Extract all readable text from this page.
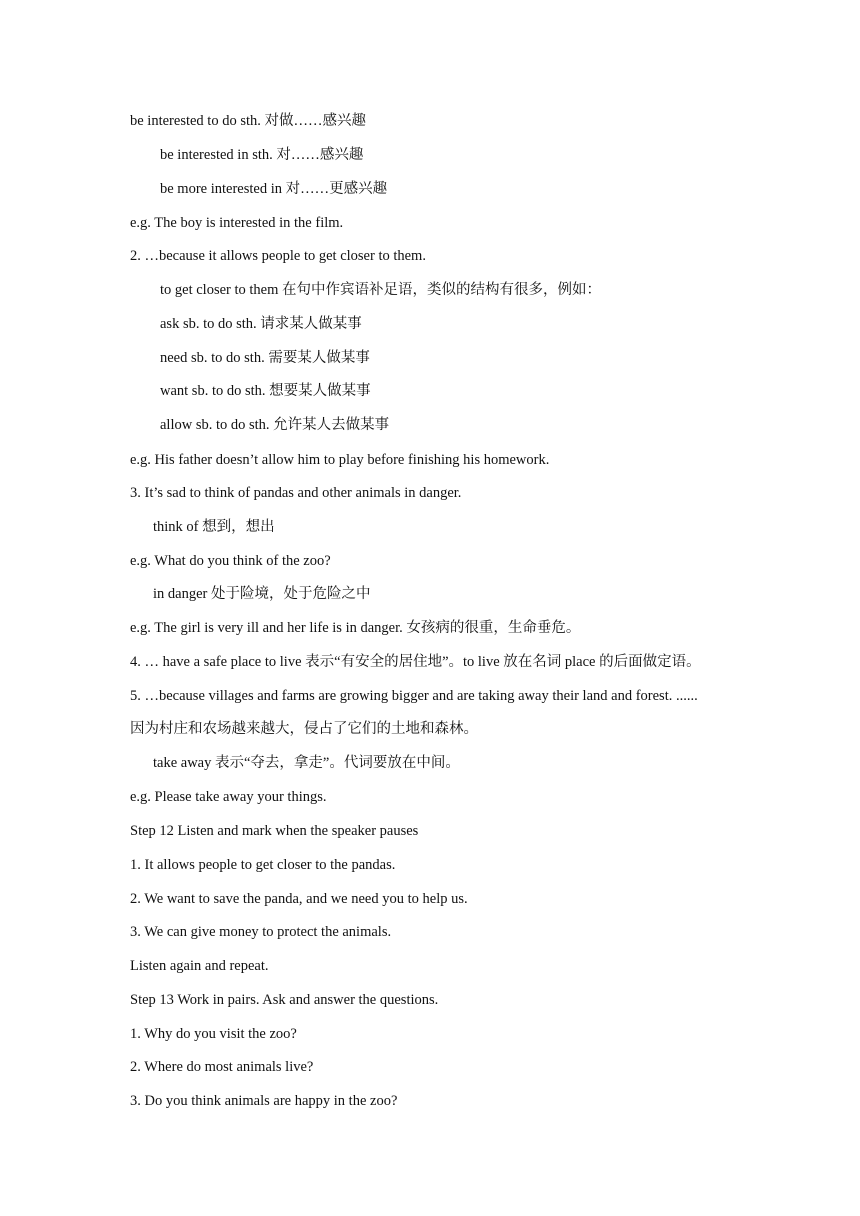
be interested to do sth. 对做……感兴趣
be interested in sth. 对……感兴趣
be more interested in 对……更感兴趣
e.g. The boy is interested in the film.
2. …because it allows people to get closer to them.
to get closer to them 在句中作宾语补足语，类似的结构有很多，例如：
ask sb. to do sth. 请求某人做某事
need sb. to do sth. 需要某人做某事
want sb. to do sth. 想要某人做某事
allow sb. to do sth. 允许某人去做某事
e.g. His father doesn’t allow him to play before finishing his homework.
3. It’s sad to think of pandas and other animals in danger.
think of 想到，想出
e.g. What do you think of the zoo?
in danger 处于险境，处于危险之中
e.g. The girl is very ill and her life is in danger. 女孩病的很重，生命垂危。
4. … have a safe place to live 表示“有安全的居住地”。to live 放在名词 place 的后面做定语。
5. …because villages and farms are growing bigger and are taking away their land and forest. ......
因为村庄和农场越来越大，侵占了它们的土地和森林。
take away 表示“夺去，拿走”。代词要放在中间。
e.g. Please take away your things.
Step 12 Listen and mark when the speaker pauses
1. It allows people to get closer to the pandas.
2. We want to save the panda, and we need you to help us.
3. We can give money to protect the animals.
Listen again and repeat.
Step 13 Work in pairs. Ask and answer the questions.
1. Why do you visit the zoo?
2. Where do most animals live?
3. Do you think animals are happy in the zoo?
